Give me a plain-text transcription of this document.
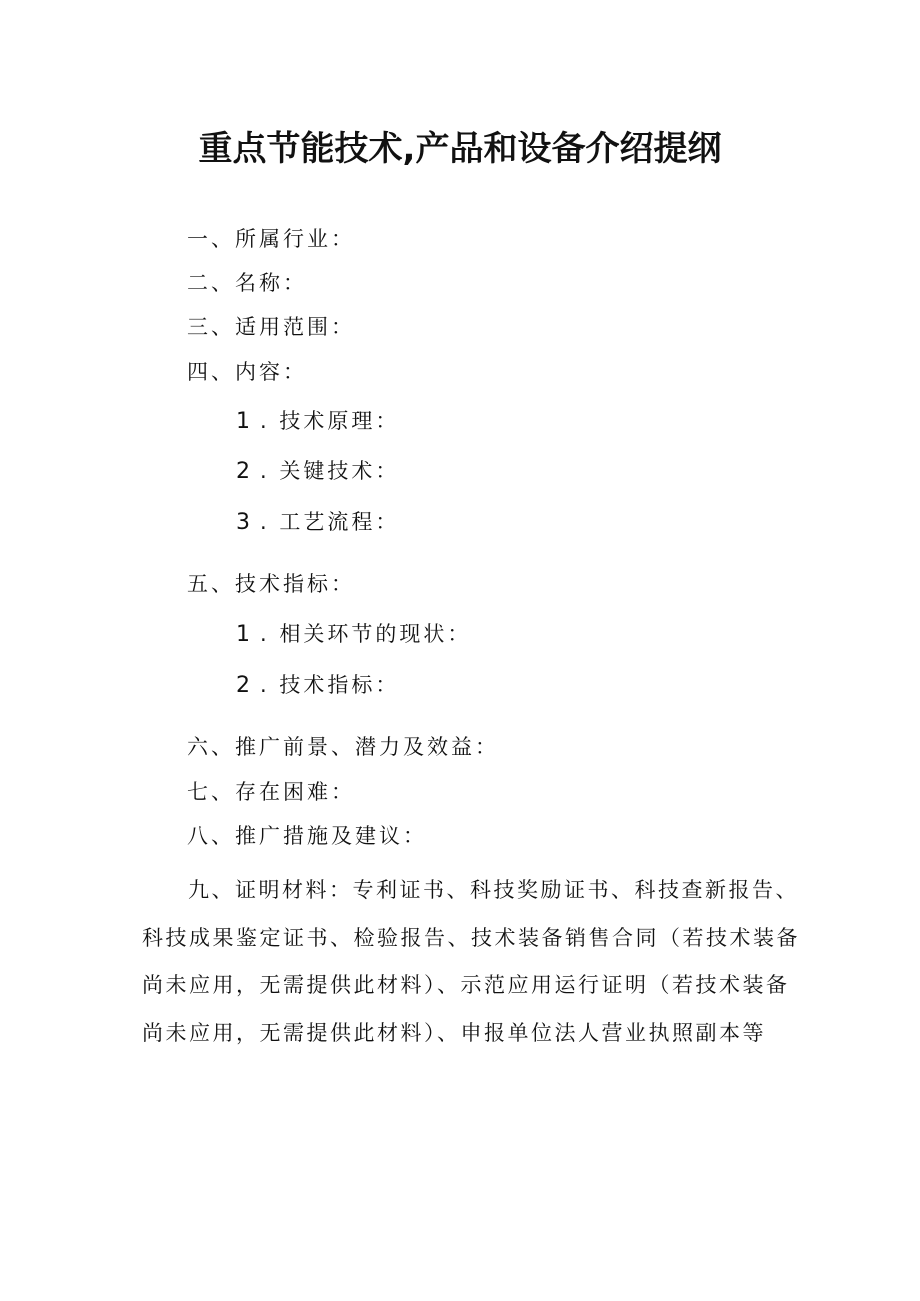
重点节能技术,产品和设备介绍提纲
一、所属行业：
二、名称：
三、适用范围：
四、内容：
1 . 技术原理：
2 . 关键技术：
3 . 工艺流程：
五、技术指标：
1 . 相关环节的现状：
2 . 技术指标：
六、推广前景、潜力及效益：
七、存在困难：
八、推广措施及建议：

九、证明材料：专利证书、科技奖励证书、科技查新报告、

科技成果鉴定证书、检验报告、技术装备销售合同（若技术装备

尚未应用，无需提供此材料）、示范应用运行证明（若技术装备

尚未应用，无需提供此材料）、申报单位法人营业执照副本等
